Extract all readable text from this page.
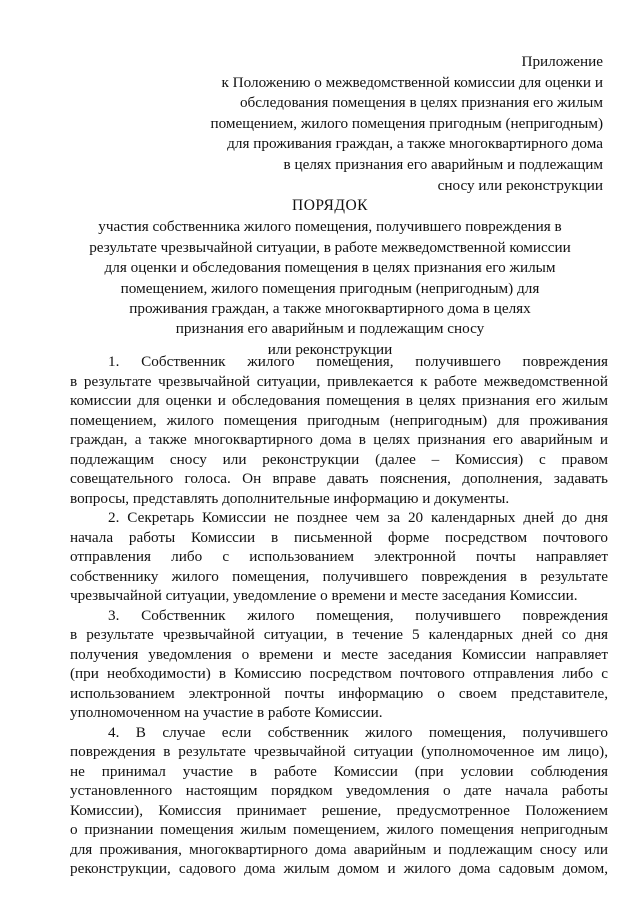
Приложение
к Положению о межведомственной комиссии для оценки и
обследования помещения в целях признания его жилым
помещением, жилого помещения пригодным (непригодным)
для проживания граждан, а также многоквартирного дома
в целях признания его аварийным и подлежащим
сносу или реконструкции
ПОРЯДОК
участия собственника жилого помещения, получившего повреждения в
результате чрезвычайной ситуации, в работе межведомственной комиссии
для оценки и обследования помещения в целях признания его жилым
помещением, жилого помещения пригодным (непригодным) для
проживания граждан, а также многоквартирного дома в целях
признания его аварийным и подлежащим сносу
или реконструкции
1. Собственник жилого помещения, получившего повреждения
в результате чрезвычайной ситуации, привлекается к работе межведомственной
комиссии для оценки и обследования помещения в целях признания его жилым
помещением, жилого помещения пригодным (непригодным) для проживания
граждан, а также многоквартирного дома в целях признания его аварийным и
подлежащим сносу или реконструкции (далее – Комиссия) с правом
совещательного голоса. Он вправе давать пояснения, дополнения, задавать
вопросы, представлять дополнительные информацию и документы.
2. Секретарь Комиссии не позднее чем за 20 календарных дней до дня
начала работы Комиссии в письменной форме посредством почтового
отправления либо с использованием электронной почты направляет
собственнику жилого помещения, получившего повреждения в результате
чрезвычайной ситуации, уведомление о времени и месте заседания Комиссии.
3. Собственник жилого помещения, получившего повреждения
в результате чрезвычайной ситуации, в течение 5 календарных дней со дня
получения уведомления о времени и месте заседания Комиссии направляет
(при необходимости) в Комиссию посредством почтового отправления либо с
использованием электронной почты информацию о своем представителе,
уполномоченном на участие в работе Комиссии.
4. В случае если собственник жилого помещения, получившего
повреждения в результате чрезвычайной ситуации (уполномоченное им лицо),
не принимал участие в работе Комиссии (при условии соблюдения
установленного настоящим порядком уведомления о дате начала работы
Комиссии), Комиссия принимает решение, предусмотренное Положением
о признании помещения жилым помещением, жилого помещения непригодным
для проживания, многоквартирного дома аварийным и подлежащим сносу или
реконструкции, садового дома жилым домом и жилого дома садовым домом,
